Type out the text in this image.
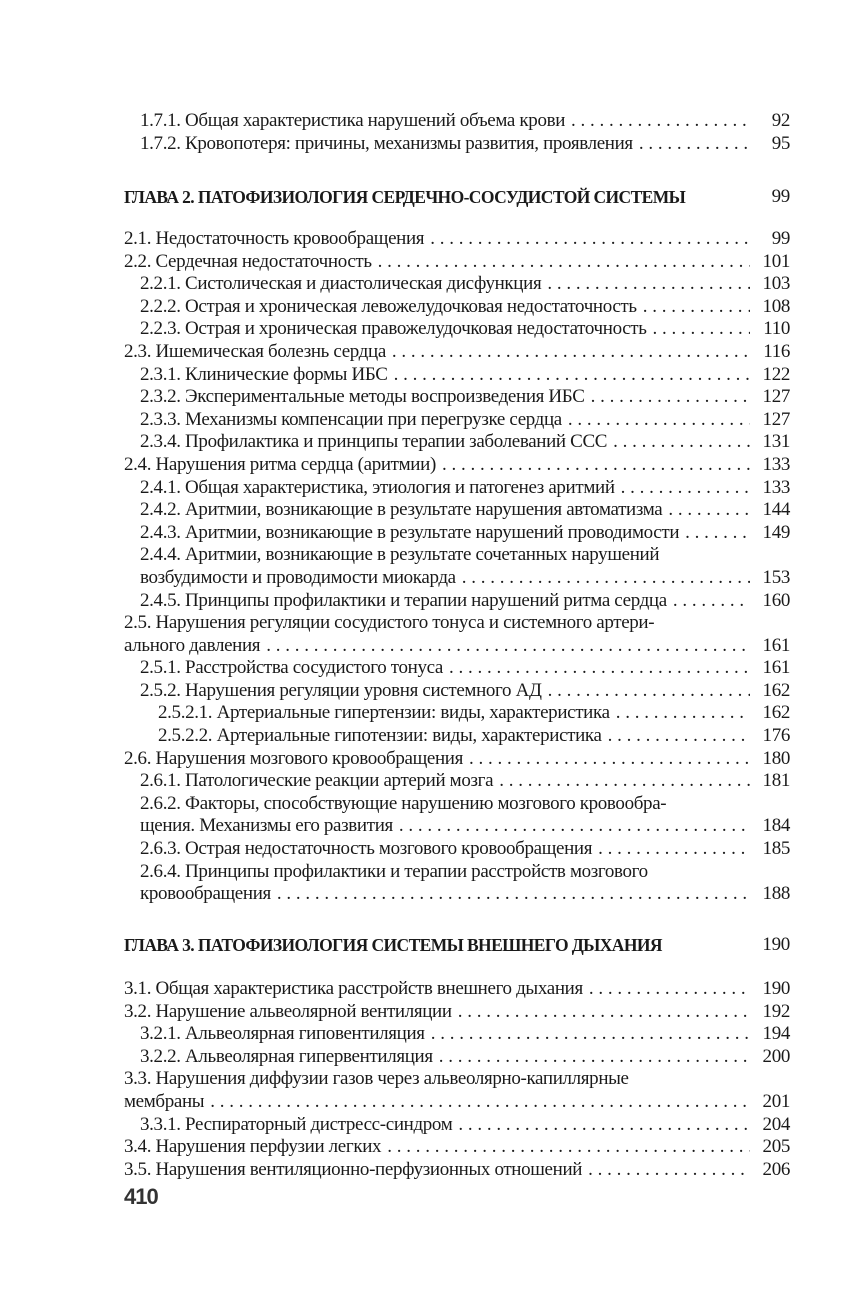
92
1.7.1. Общая характеристика нарушений объема крови
. . .
95
1.7.2. Кровопотеря: причины, механизмы развития, проявления
. . .
ГЛАВА 2. ПАТОФИЗИОЛОГИЯ СЕРДЕЧНО-СОСУДИСТОЙ СИСТЕМЫ	99
99
2.1. Недостаточность кровообращения
. . .
101
2.2. Сердечная недостаточность
. . .
103
2.2.1. Систолическая и диастолическая дисфункция
. . .
108
2.2.2. Острая и хроническая левожелудочковая недостаточность
. . .
110
2.2.3. Острая и хроническая правожелудочковая недостаточность
. . .
116
2.3. Ишемическая болезнь сердца
. . .
122
2.3.1. Клинические формы ИБС
. . .
127
2.3.2. Экспериментальные методы воспроизведения ИБС
. . .
127
2.3.3. Механизмы компенсации при перегрузке сердца
. . .
131
2.3.4. Профилактика и принципы терапии заболеваний ССС
. . .
133
2.4. Нарушения ритма сердца (аритмии)
. . .
133
2.4.1. Общая характеристика, этиология и патогенез аритмий
. . .
144
2.4.2. Аритмии, возникающие в результате нарушения автоматизма
. . .
149
2.4.3. Аритмии, возникающие в результате нарушений проводимости
. . .
2.4.4. Аритмии, возникающие в результате сочетанных нарушений
153
возбудимости и проводимости миокарда
. . .
160
2.4.5. Принципы профилактики и терапии нарушений ритма сердца
. . .
2.5. Нарушения регуляции сосудистого тонуса и системного артери-
161
ального давления
. . .
161
2.5.1. Расстройства сосудистого тонуса
. . .
162
2.5.2. Нарушения регуляции уровня системного АД
. . .
162
2.5.2.1. Артериальные гипертензии: виды, характеристика
. . .
176
2.5.2.2. Артериальные гипотензии: виды, характеристика
. . .
180
2.6. Нарушения мозгового кровообращения
. . .
181
2.6.1. Патологические реакции артерий мозга
. . .
2.6.2. Факторы, способствующие нарушению мозгового кровообра-
184
щения. Механизмы его развития
. . .
185
2.6.3. Острая недостаточность мозгового кровообращения
. . .
2.6.4. Принципы профилактики и терапии расстройств мозгового
188
кровообращения
. . .
ГЛАВА 3. ПАТОФИЗИОЛОГИЯ СИСТЕМЫ ВНЕШНЕГО ДЫХАНИЯ	190
190
3.1. Общая характеристика расстройств внешнего дыхания
. . .
192
3.2. Нарушение альвеолярной вентиляции
. . .
194
3.2.1. Альвеолярная гиповентиляция
. . .
200
3.2.2. Альвеолярная гипервентиляция
. . .
3.3. Нарушения диффузии газов через альвеолярно-капиллярные
201
мембраны
. . .
204
3.3.1. Респираторный дистресс-синдром
. . .
205
3.4. Нарушения перфузии легких
. . .
206
3.5. Нарушения вентиляционно-перфузионных отношений
. . .
410
